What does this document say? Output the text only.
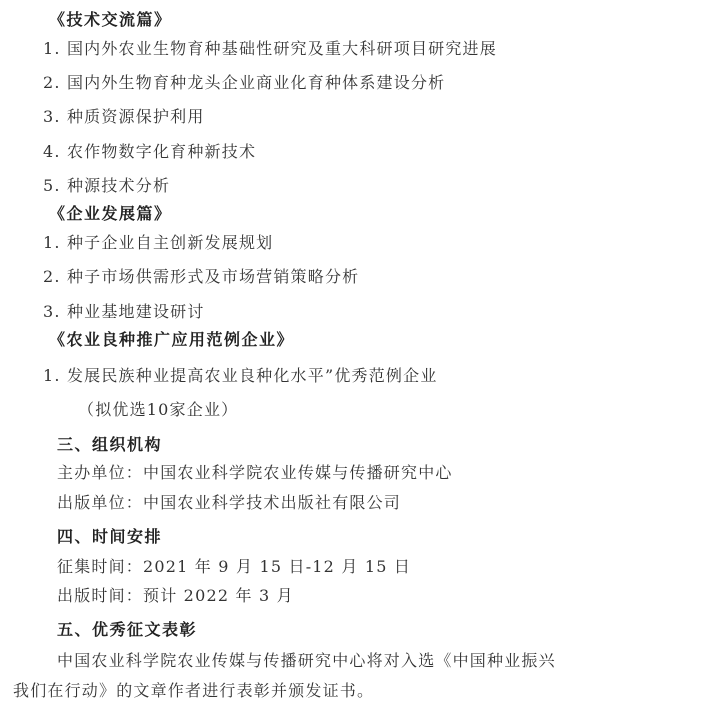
《技术交流篇》
1. 国内外农业生物育种基础性研究及重大科研项目研究进展
2. 国内外生物育种龙头企业商业化育种体系建设分析
3. 种质资源保护利用
4. 农作物数字化育种新技术
5. 种源技术分析
《企业发展篇》
1. 种子企业自主创新发展规划
2. 种子市场供需形式及市场营销策略分析
3. 种业基地建设研讨
《农业良种推广应用范例企业》
1. 发展民族种业提高农业良种化水平”优秀范例企业
（拟优选10家企业）
三、组织机构
主办单位：中国农业科学院农业传媒与传播研究中心
出版单位：中国农业科学技术出版社有限公司
四、时间安排
征集时间：2021 年 9 月 15 日-12 月 15 日
出版时间：预计 2022 年 3 月
五、优秀征文表彰
中国农业科学院农业传媒与传播研究中心将对入选《中国种业振兴
我们在行动》的文章作者进行表彰并颁发证书。
